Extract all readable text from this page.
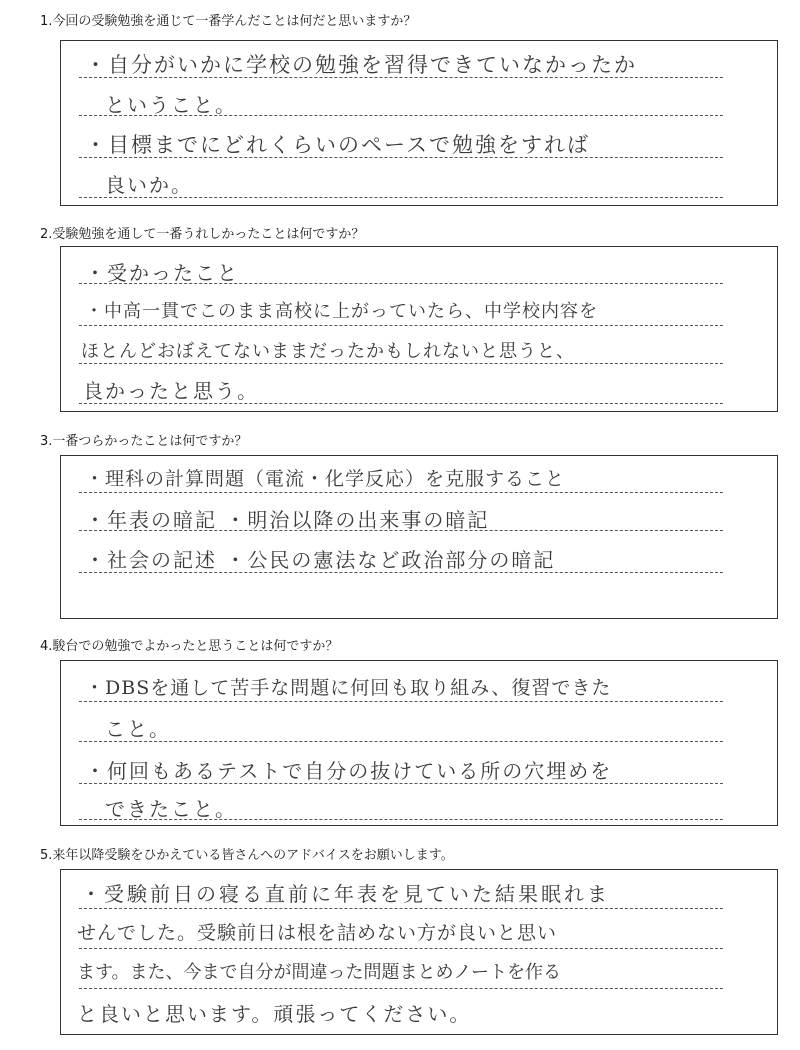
1.今回の受験勉強を通じて一番学んだことは何だと思いますか？
・自分がいかに学校の勉強を習得できていなかったか
ということ。
・目標までにどれくらいのペースで勉強をすれば
良いか。
2.受験勉強を通して一番うれしかったことは何ですか？
・受かったこと
・中高一貫でこのまま高校に上がっていたら、中学校内容を
ほとんどおぼえてないままだったかもしれないと思うと、
良かったと思う。
3.一番つらかったことは何ですか？
・理科の計算問題（電流・化学反応）を克服すること
・年表の暗記 ・明治以降の出来事の暗記
・社会の記述 ・公民の憲法など政治部分の暗記
4.駿台での勉強でよかったと思うことは何ですか？
・DBSを通して苦手な問題に何回も取り組み、復習できた
こと。
・何回もあるテストで自分の抜けている所の穴埋めを
できたこと。
5.来年以降受験をひかえている皆さんへのアドバイスをお願いします。
・受験前日の寝る直前に年表を見ていた結果眠れま
せんでした。受験前日は根を詰めない方が良いと思い
ます。また、今まで自分が間違った問題まとめノートを作る
と良いと思います。頑張ってください。
